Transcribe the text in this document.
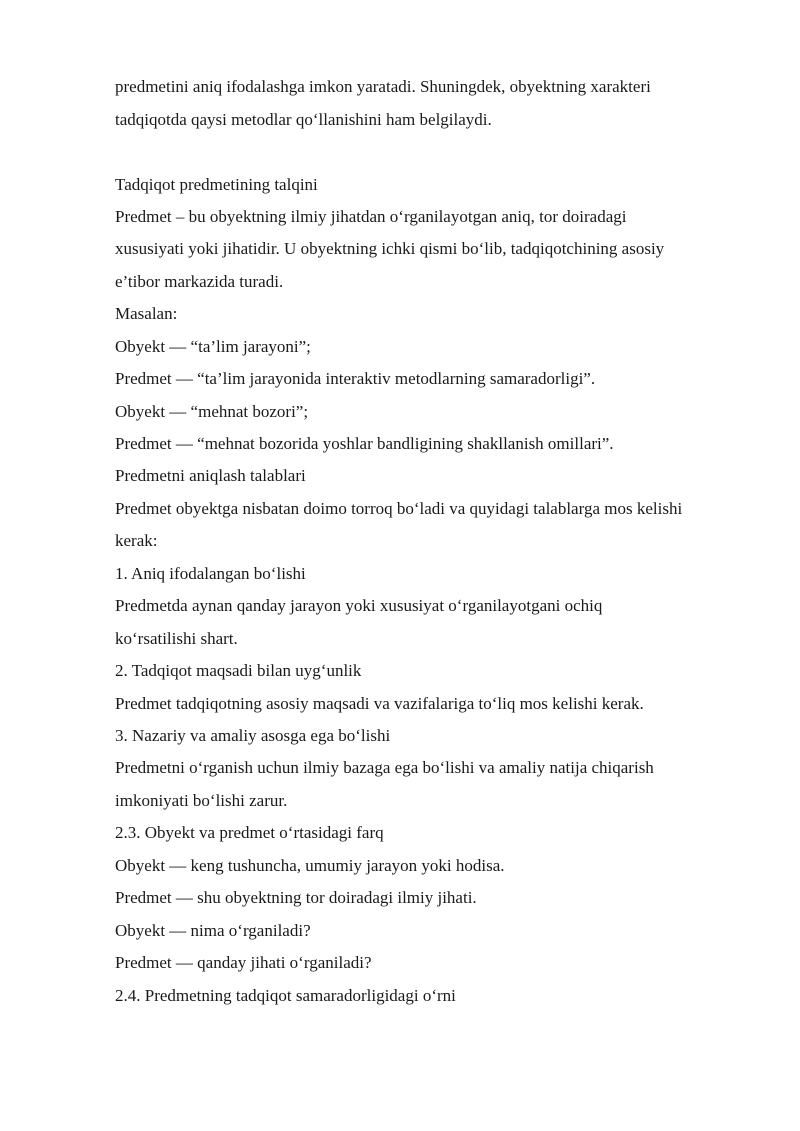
predmetini aniq ifodalashga imkon yaratadi. Shuningdek, obyektning xarakteri
tadqiqotda qaysi metodlar qo‘llanishini ham belgilaydi.
Tadqiqot predmetining talqini
Predmet – bu obyektning ilmiy jihatdan o‘rganilayotgan aniq, tor doiradagi
xususiyati yoki jihatidir. U obyektning ichki qismi bo‘lib, tadqiqotchining asosiy
e’tibor markazida turadi.
Masalan:
Obyekt — “ta’lim jarayoni”;
Predmet — “ta’lim jarayonida interaktiv metodlarning samaradorligi”.
Obyekt — “mehnat bozori”;
Predmet — “mehnat bozorida yoshlar bandligining shakllanish omillari”.
Predmetni aniqlash talablari
Predmet obyektga nisbatan doimo torroq bo‘ladi va quyidagi talablarga mos kelishi
kerak:
1. Aniq ifodalangan bo‘lishi
Predmetda aynan qanday jarayon yoki xususiyat o‘rganilayotgani ochiq
ko‘rsatilishi shart.
2. Tadqiqot maqsadi bilan uyg‘unlik
Predmet tadqiqotning asosiy maqsadi va vazifalariga to‘liq mos kelishi kerak.
3. Nazariy va amaliy asosga ega bo‘lishi
Predmetni o‘rganish uchun ilmiy bazaga ega bo‘lishi va amaliy natija chiqarish
imkoniyati bo‘lishi zarur.
2.3. Obyekt va predmet o‘rtasidagi farq
Obyekt — keng tushuncha, umumiy jarayon yoki hodisa.
Predmet — shu obyektning tor doiradagi ilmiy jihati.
Obyekt — nima o‘rganiladi?
Predmet — qanday jihati o‘rganiladi?
2.4. Predmetning tadqiqot samaradorligidagi o‘rni
